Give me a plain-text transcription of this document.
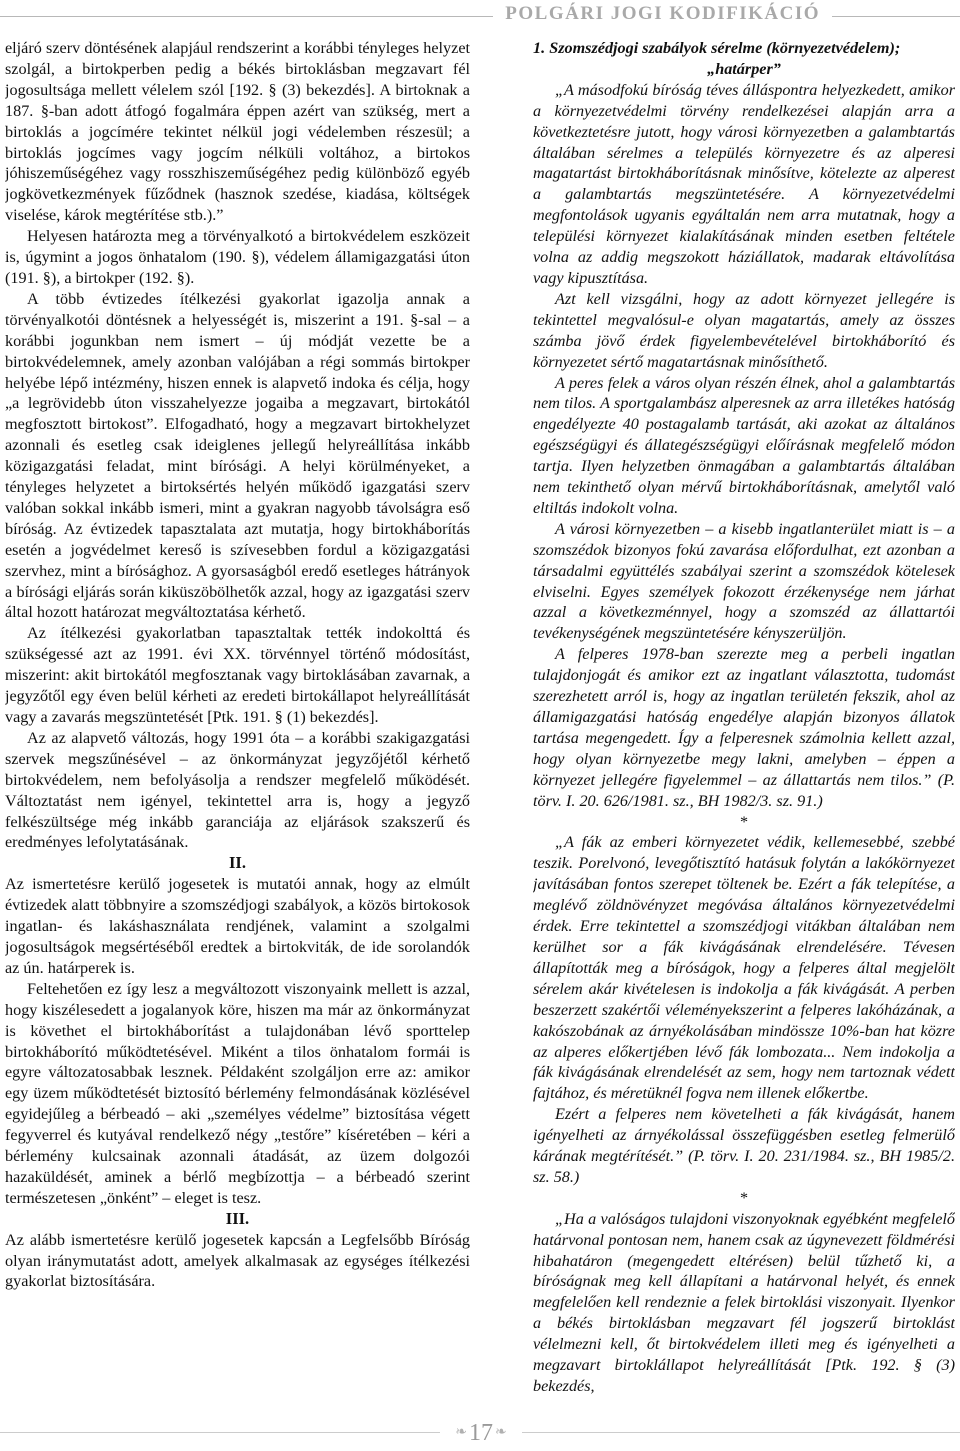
POLGÁRI JOGI KODIFIKÁCIÓ

eljáró szerv döntésének alapjául rendszerint a korábbi tényleges helyzet szolgál, a birtokperben pedig a békés birtoklásban megzavart fél jogosultsága mellett vélelem szól [192. § (3) bekezdés]. A birtoknak a 187. §-ban adott átfogó fogalmára éppen azért van szükség, mert a birtoklás a jogcímére tekintet nélkül jogi védelemben részesül; a birtoklás jogcímes vagy jogcím nélküli voltához, a birtokos jóhiszeműségéhez vagy rosszhiszeműségéhez pedig különböző egyéb jogkövetkezmények fűződnek (hasznok szedése, kiadása, költségek viselése, károk megtérítése stb.).”

Helyesen határozta meg a törvényalkotó a birtokvédelem eszközeit is, úgymint a jogos önhatalom (190. §), védelem államigazgatási úton (191. §), a birtokper (192. §).

A több évtizedes ítélkezési gyakorlat igazolja annak a törvényalkotói döntésnek a helyességét is, miszerint a 191. §-sal – a korábbi jogunkban nem ismert – új módját vezette be a birtokvédelemnek, amely azonban valójában a régi sommás birtokper helyébe lépő intézmény, hiszen ennek is alapvető indoka és célja, hogy „a legrövidebb úton visszahelyezze jogaiba a megzavart, birtokától megfosztott birtokost”. Elfogadható, hogy a megzavart birtokhelyzet azonnali és esetleg csak ideiglenes jellegű helyreállítása inkább közigazgatási feladat, mint bírósági. A helyi körülményeket, a tényleges helyzetet a birtoksértés helyén működő igazgatási szerv valóban sokkal inkább ismeri, mint a gyakran nagyobb távolságra eső bíróság. Az évtizedek tapasztalata azt mutatja, hogy birtokháborítás esetén a jogvédelmet kereső is szívesebben fordul a közigazgatási szervhez, mint a bírósághoz. A gyorsaságból eredő esetleges hátrányok a bírósági eljárás során kiküszöbölhetők azzal, hogy az igazgatási szerv által hozott határozat megváltoztatása kérhető.

Az ítélkezési gyakorlatban tapasztaltak tették indokolttá és szükségessé azt az 1991. évi XX. törvénnyel történő módosítást, miszerint: akit birtokától megfosztanak vagy birtoklásában zavarnak, a jegyzőtől egy éven belül kérheti az eredeti birtokállapot helyreállítását vagy a zavarás megszüntetését [Ptk. 191. § (1) bekezdés].

Az az alapvető változás, hogy 1991 óta – a korábbi szakigazgatási szervek megszűnésével – az önkormányzat jegyzőjétől kérhető birtokvédelem, nem befolyásolja a rendszer megfelelő működését. Változtatást nem igényel, tekintettel arra is, hogy a jegyző felkészültsége még inkább garanciája az eljárások szakszerű és eredményes lefolytatásának.

II.

Az ismertetésre kerülő jogesetek is mutatói annak, hogy az elmúlt évtizedek alatt többnyire a szomszédjogi szabályok, a közös birtokosok ingatlan- és lakáshasználata rendjének, valamint a szolgalmi jogosultságok megsértéséből eredtek a birtokviták, de ide sorolandók az ún. határperek is.

Feltehetően ez így lesz a megváltozott viszonyaink mellett is azzal, hogy kiszélesedett a jogalanyok köre, hiszen ma már az önkormányzat is követhet el birtokháborítást a tulajdonában lévő sporttelep birtokháborító működtetésével. Miként a tilos önhatalom formái is egyre változatosabbak lesznek. Példaként szolgáljon erre az: amikor egy üzem működtetését biztosító bérlemény felmondásának közlésével egyidejűleg a bérbeadó – aki „személyes védelme” biztosítása végett fegyverrel és kutyával rendelkező négy „testőre” kíséretében – kéri a bérlemény kulcsainak azonnali átadását, az üzem dolgozói hazaküldését, aminek a bérlő megbízottja – a bérbeadó szerint természetesen „önként” – eleget is tesz.

III.

Az alább ismertetésre kerülő jogesetek kapcsán a Legfelsőbb Bíróság olyan iránymutatást adott, amelyek alkalmasak az egységes ítélkezési gyakorlat biztosítására.

1. Szomszédjogi szabályok sérelme (környezetvédelem);

„határper”

„A másodfokú bíróság téves álláspontra helyezkedett, amikor a környezetvédelmi törvény rendelkezései alapján arra a következtetésre jutott, hogy városi környezetben a galambtartás általában sérelmes a település környezetre és az alperesi magatartást birtokháborításnak minősítve, kötelezte az alperest a galambtartás megszüntetésére. A környezetvédelmi megfontolások ugyanis egyáltalán nem arra mutatnak, hogy a települési környezet kialakításának minden esetben feltétele volna az addig megszokott háziállatok, madarak eltávolítása vagy kipusztítása.

Azt kell vizsgálni, hogy az adott környezet jellegére is tekintettel megvalósul-e olyan magatartás, amely az összes számba jövő érdek figyelembevételével birtokháborító és környezetet sértő magatartásnak minősíthető.

A peres felek a város olyan részén élnek, ahol a galambtartás nem tilos. A sportgalambász alperesnek az arra illetékes hatóság engedélyezte 40 postagalamb tartását, aki azokat az általános egészségügyi és állategészségügyi előírásnak megfelelő módon tartja. Ilyen helyzetben önmagában a galambtartás általában nem tekinthető olyan mérvű birtokháborításnak, amelytől való eltiltás indokolt volna.

A városi környezetben – a kisebb ingatlanterület miatt is – a szomszédok bizonyos fokú zavarása előfordulhat, ezt azonban a társadalmi együttélés szabályai szerint a szomszédok kötelesek elviselni. Egyes személyek fokozott érzékenysége nem járhat azzal a következménnyel, hogy a szomszéd az állattartói tevékenységének megszüntetésére kényszerüljön.

A felperes 1978-ban szerezte meg a perbeli ingatlan tulajdonjogát és amikor ezt az ingatlant választotta, tudomást szerezhetett arról is, hogy az ingatlan területén fekszik, ahol az államigazgatási hatóság engedélye alapján bizonyos állatok tartása megengedett. Így a felperesnek számolnia kellett azzal, hogy olyan környezetbe megy lakni, amelyben – éppen a környezet jellegére figyelemmel – az állattartás nem tilos.” (P. törv. I. 20. 626/1981. sz., BH 1982/3. sz. 91.)

*

„A fák az emberi környezetet védik, kellemesebbé, szebbé teszik. Porelvonó, levegőtisztító hatásuk folytán a lakókörnyezet javításában fontos szerepet töltenek be. Ezért a fák telepítése, a meglévő zöldnövényzet megóvása általános környezetvédelmi érdek. Erre tekintettel a szomszédjogi vitákban általában nem kerülhet sor a fák kivágásának elrendelésére. Tévesen állapították meg a bíróságok, hogy a felperes által megjelölt sérelem akár kivételesen is indokolja a fák kivágását. A perben beszerzett szakértői véleményekszerint a felperes lakóházának, a kakószobának az árnyékolásában mindössze 10%-ban hat közre az alperes előkertjében lévő fák lombozata... Nem indokolja a fák kivágásának elrendelését az sem, hogy nem tartoznak védett fajtához, és méretüknél fogva nem illenek előkertbe.

Ezért a felperes nem követelheti a fák kivágását, hanem igényelheti az árnyékolással összefüggésben esetleg felmerülő kárának megtérítését.” (P. törv. I. 20. 231/1984. sz., BH 1985/2. sz. 58.)

*

„Ha a valóságos tulajdoni viszonyoknak egyébként megfelelő határvonal pontosan nem, hanem csak az úgynevezett földmérési hibahatáron (megengedett eltérésen) belül tűzhető ki, a bíróságnak meg kell állapítani a határvonal helyét, és ennek megfelelően kell rendeznie a felek birtoklási viszonyait. Ilyenkor a békés birtoklásban megzavart fél jogszerű birtoklást vélelmezni kell, őt birtokvédelem illeti meg és igényelheti a megzavart birtoklállapot helyreállítását [Ptk. 192. § (3) bekezdés,

❧17 ❧
